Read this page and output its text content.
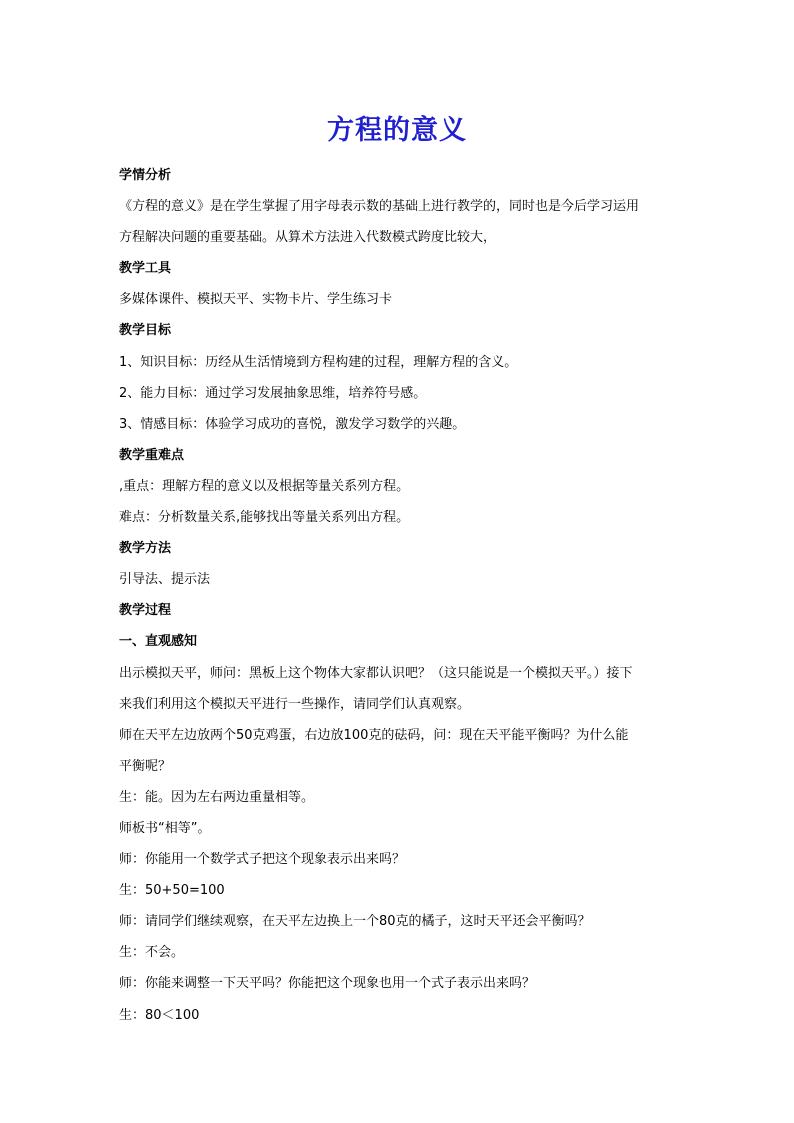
方程的意义
学情分析
《方程的意义》是在学生掌握了用字母表示数的基础上进行教学的，同时也是今后学习运用
方程解决问题的重要基础。从算术方法进入代数模式跨度比较大，
教学工具
多媒体课件、模拟天平、实物卡片、学生练习卡
教学目标
1、知识目标：历经从生活情境到方程构建的过程，理解方程的含义。
2、能力目标：通过学习发展抽象思维，培养符号感。
3、情感目标：体验学习成功的喜悦，激发学习数学的兴趣。
教学重难点
,重点：理解方程的意义以及根据等量关系列方程。
难点：分析数量关系,能够找出等量关系列出方程。
教学方法
引导法、提示法
教学过程
一、直观感知
出示模拟天平，师问：黑板上这个物体大家都认识吧？（这只能说是一个模拟天平。）接下
来我们利用这个模拟天平进行一些操作，请同学们认真观察。
师在天平左边放两个50克鸡蛋，右边放100克的砝码，问：现在天平能平衡吗？为什么能
平衡呢？
生：能。因为左右两边重量相等。
师板书“相等”。
师：你能用一个数学式子把这个现象表示出来吗？
生：50+50=100
师：请同学们继续观察，在天平左边换上一个80克的橘子，这时天平还会平衡吗？
生：不会。
师：你能来调整一下天平吗？你能把这个现象也用一个式子表示出来吗？
生：80＜100
